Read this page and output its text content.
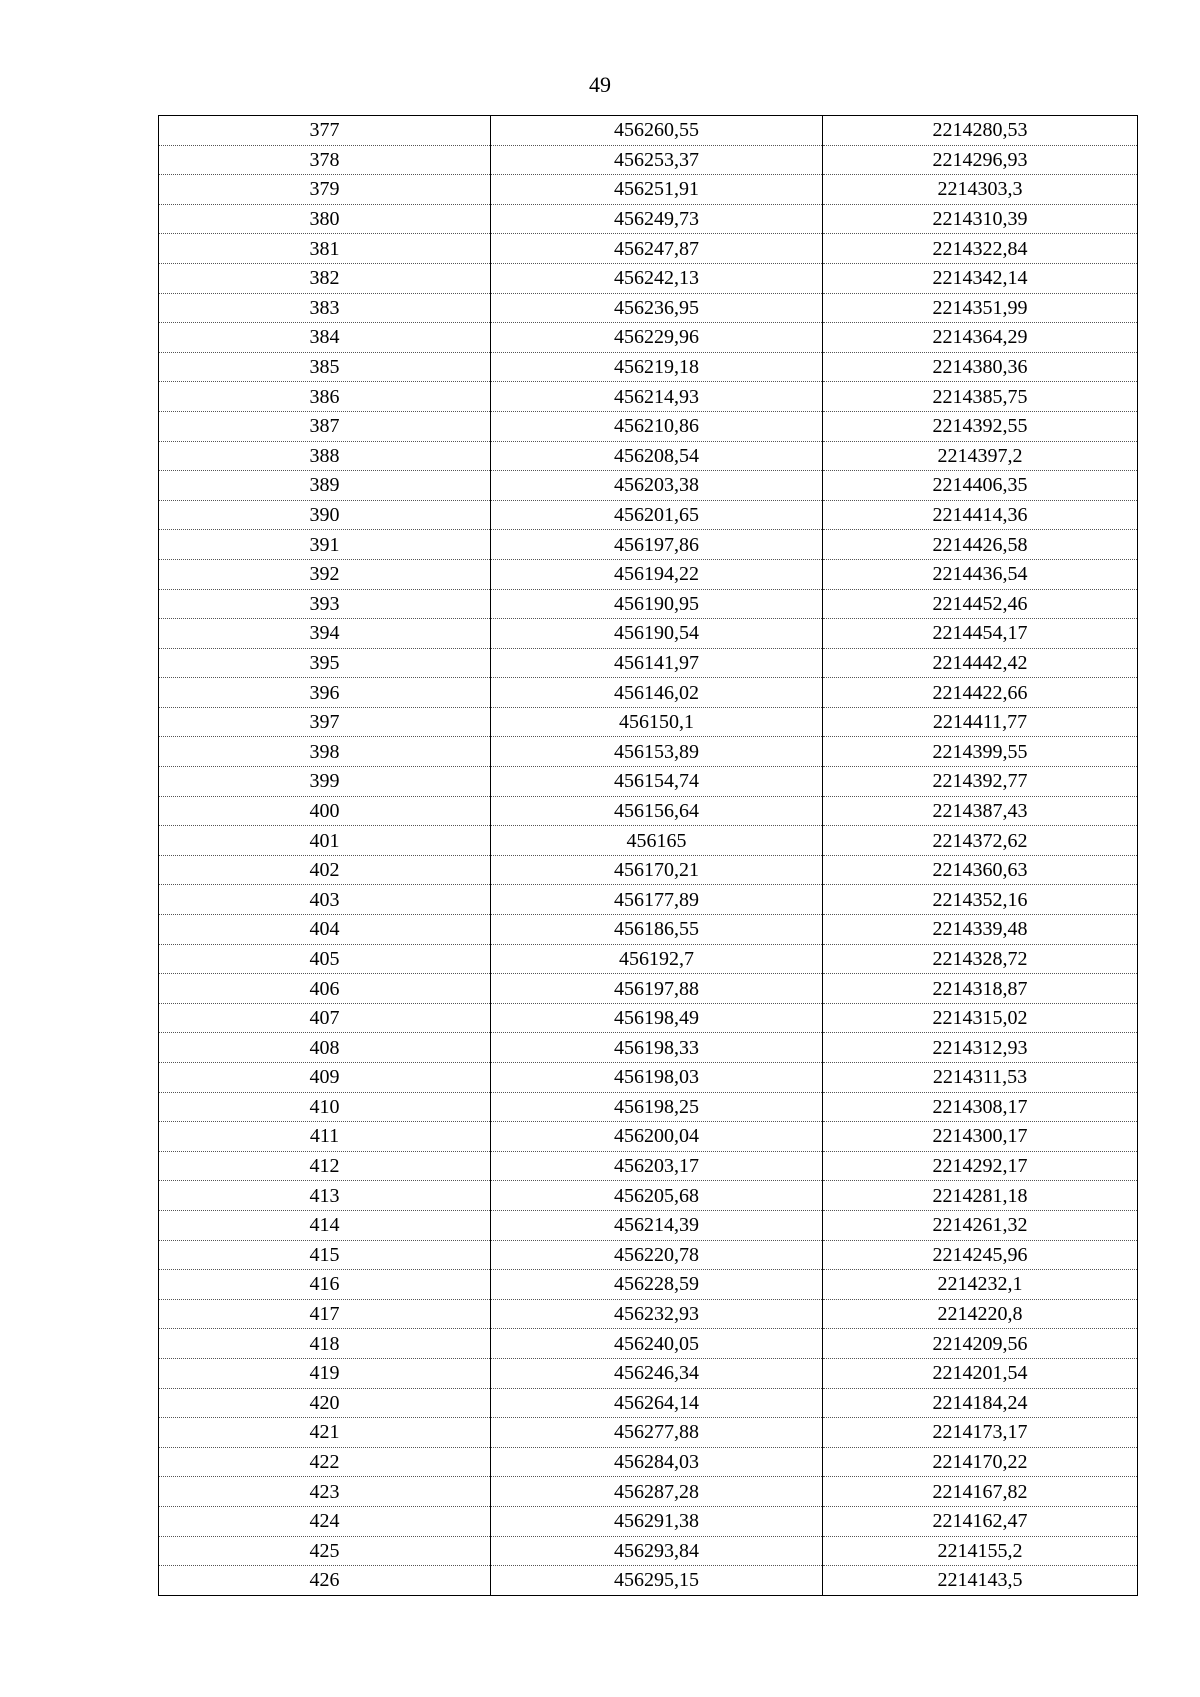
49
377	456260,55	2214280,53
378	456253,37	2214296,93
379	456251,91	2214303,3
380	456249,73	2214310,39
381	456247,87	2214322,84
382	456242,13	2214342,14
383	456236,95	2214351,99
384	456229,96	2214364,29
385	456219,18	2214380,36
386	456214,93	2214385,75
387	456210,86	2214392,55
388	456208,54	2214397,2
389	456203,38	2214406,35
390	456201,65	2214414,36
391	456197,86	2214426,58
392	456194,22	2214436,54
393	456190,95	2214452,46
394	456190,54	2214454,17
395	456141,97	2214442,42
396	456146,02	2214422,66
397	456150,1	2214411,77
398	456153,89	2214399,55
399	456154,74	2214392,77
400	456156,64	2214387,43
401	456165	2214372,62
402	456170,21	2214360,63
403	456177,89	2214352,16
404	456186,55	2214339,48
405	456192,7	2214328,72
406	456197,88	2214318,87
407	456198,49	2214315,02
408	456198,33	2214312,93
409	456198,03	2214311,53
410	456198,25	2214308,17
411	456200,04	2214300,17
412	456203,17	2214292,17
413	456205,68	2214281,18
414	456214,39	2214261,32
415	456220,78	2214245,96
416	456228,59	2214232,1
417	456232,93	2214220,8
418	456240,05	2214209,56
419	456246,34	2214201,54
420	456264,14	2214184,24
421	456277,88	2214173,17
422	456284,03	2214170,22
423	456287,28	2214167,82
424	456291,38	2214162,47
425	456293,84	2214155,2
426	456295,15	2214143,5
